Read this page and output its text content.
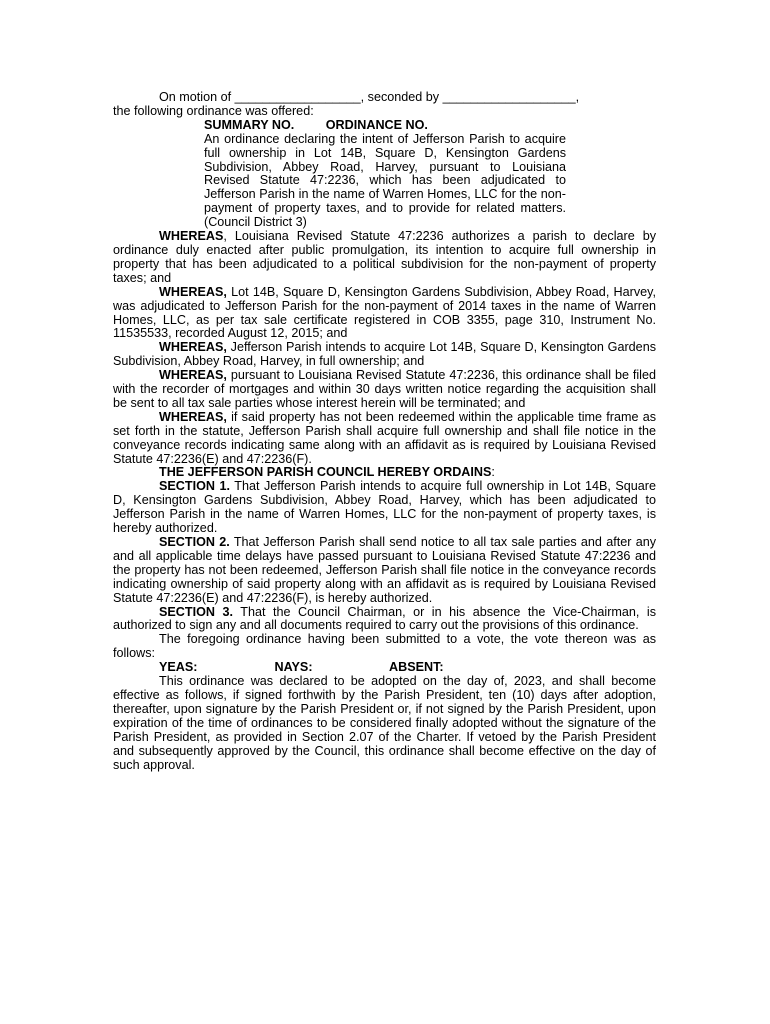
On motion of __________________, seconded by ___________________,

the following ordinance was offered:

SUMMARY NO.	ORDINANCE NO.

An ordinance declaring the intent of Jefferson Parish to acquire full ownership in Lot 14B, Square D, Kensington Gardens Subdivision, Abbey Road, Harvey, pursuant to Louisiana Revised Statute 47:2236, which has been adjudicated to Jefferson Parish in the name of Warren Homes, LLC for the non-payment of property taxes, and to provide for related matters. (Council District 3)

WHEREAS, Louisiana Revised Statute 47:2236 authorizes a parish to declare by ordinance duly enacted after public promulgation, its intention to acquire full ownership in property that has been adjudicated to a political subdivision for the non-payment of property taxes; and

WHEREAS, Lot 14B, Square D, Kensington Gardens Subdivision, Abbey Road, Harvey, was adjudicated to Jefferson Parish for the non-payment of 2014 taxes in the name of Warren Homes, LLC, as per tax sale certificate registered in COB 3355, page 310, Instrument No. 11535533, recorded August 12, 2015; and

WHEREAS, Jefferson Parish intends to acquire Lot 14B, Square D, Kensington Gardens Subdivision, Abbey Road, Harvey, in full ownership; and

WHEREAS, pursuant to Louisiana Revised Statute 47:2236, this ordinance shall be filed with the recorder of mortgages and within 30 days written notice regarding the acquisition shall be sent to all tax sale parties whose interest herein will be terminated; and

WHEREAS, if said property has not been redeemed within the applicable time frame as set forth in the statute, Jefferson Parish shall acquire full ownership and shall file notice in the conveyance records indicating same along with an affidavit as is required by Louisiana Revised Statute 47:2236(E) and 47:2236(F).

THE JEFFERSON PARISH COUNCIL HEREBY ORDAINS:

SECTION 1. That Jefferson Parish intends to acquire full ownership in Lot 14B, Square D, Kensington Gardens Subdivision, Abbey Road, Harvey, which has been adjudicated to Jefferson Parish in the name of Warren Homes, LLC for the non-payment of property taxes, is hereby authorized.

SECTION 2. That Jefferson Parish shall send notice to all tax sale parties and after any and all applicable time delays have passed pursuant to Louisiana Revised Statute 47:2236 and the property has not been redeemed, Jefferson Parish shall file notice in the conveyance records indicating ownership of said property along with an affidavit as is required by Louisiana Revised Statute 47:2236(E) and 47:2236(F), is hereby authorized.

SECTION 3. That the Council Chairman, or in his absence the Vice-Chairman, is authorized to sign any and all documents required to carry out the provisions of this ordinance.

The foregoing ordinance having been submitted to a vote, the vote thereon was as follows:

YEAS:	NAYS:	ABSENT:

This ordinance was declared to be adopted on the day of, 2023, and shall become effective as follows, if signed forthwith by the Parish President, ten (10) days after adoption, thereafter, upon signature by the Parish President or, if not signed by the Parish President, upon expiration of the time of ordinances to be considered finally adopted without the signature of the Parish President, as provided in Section 2.07 of the Charter. If vetoed by the Parish President and subsequently approved by the Council, this ordinance shall become effective on the day of such approval.
